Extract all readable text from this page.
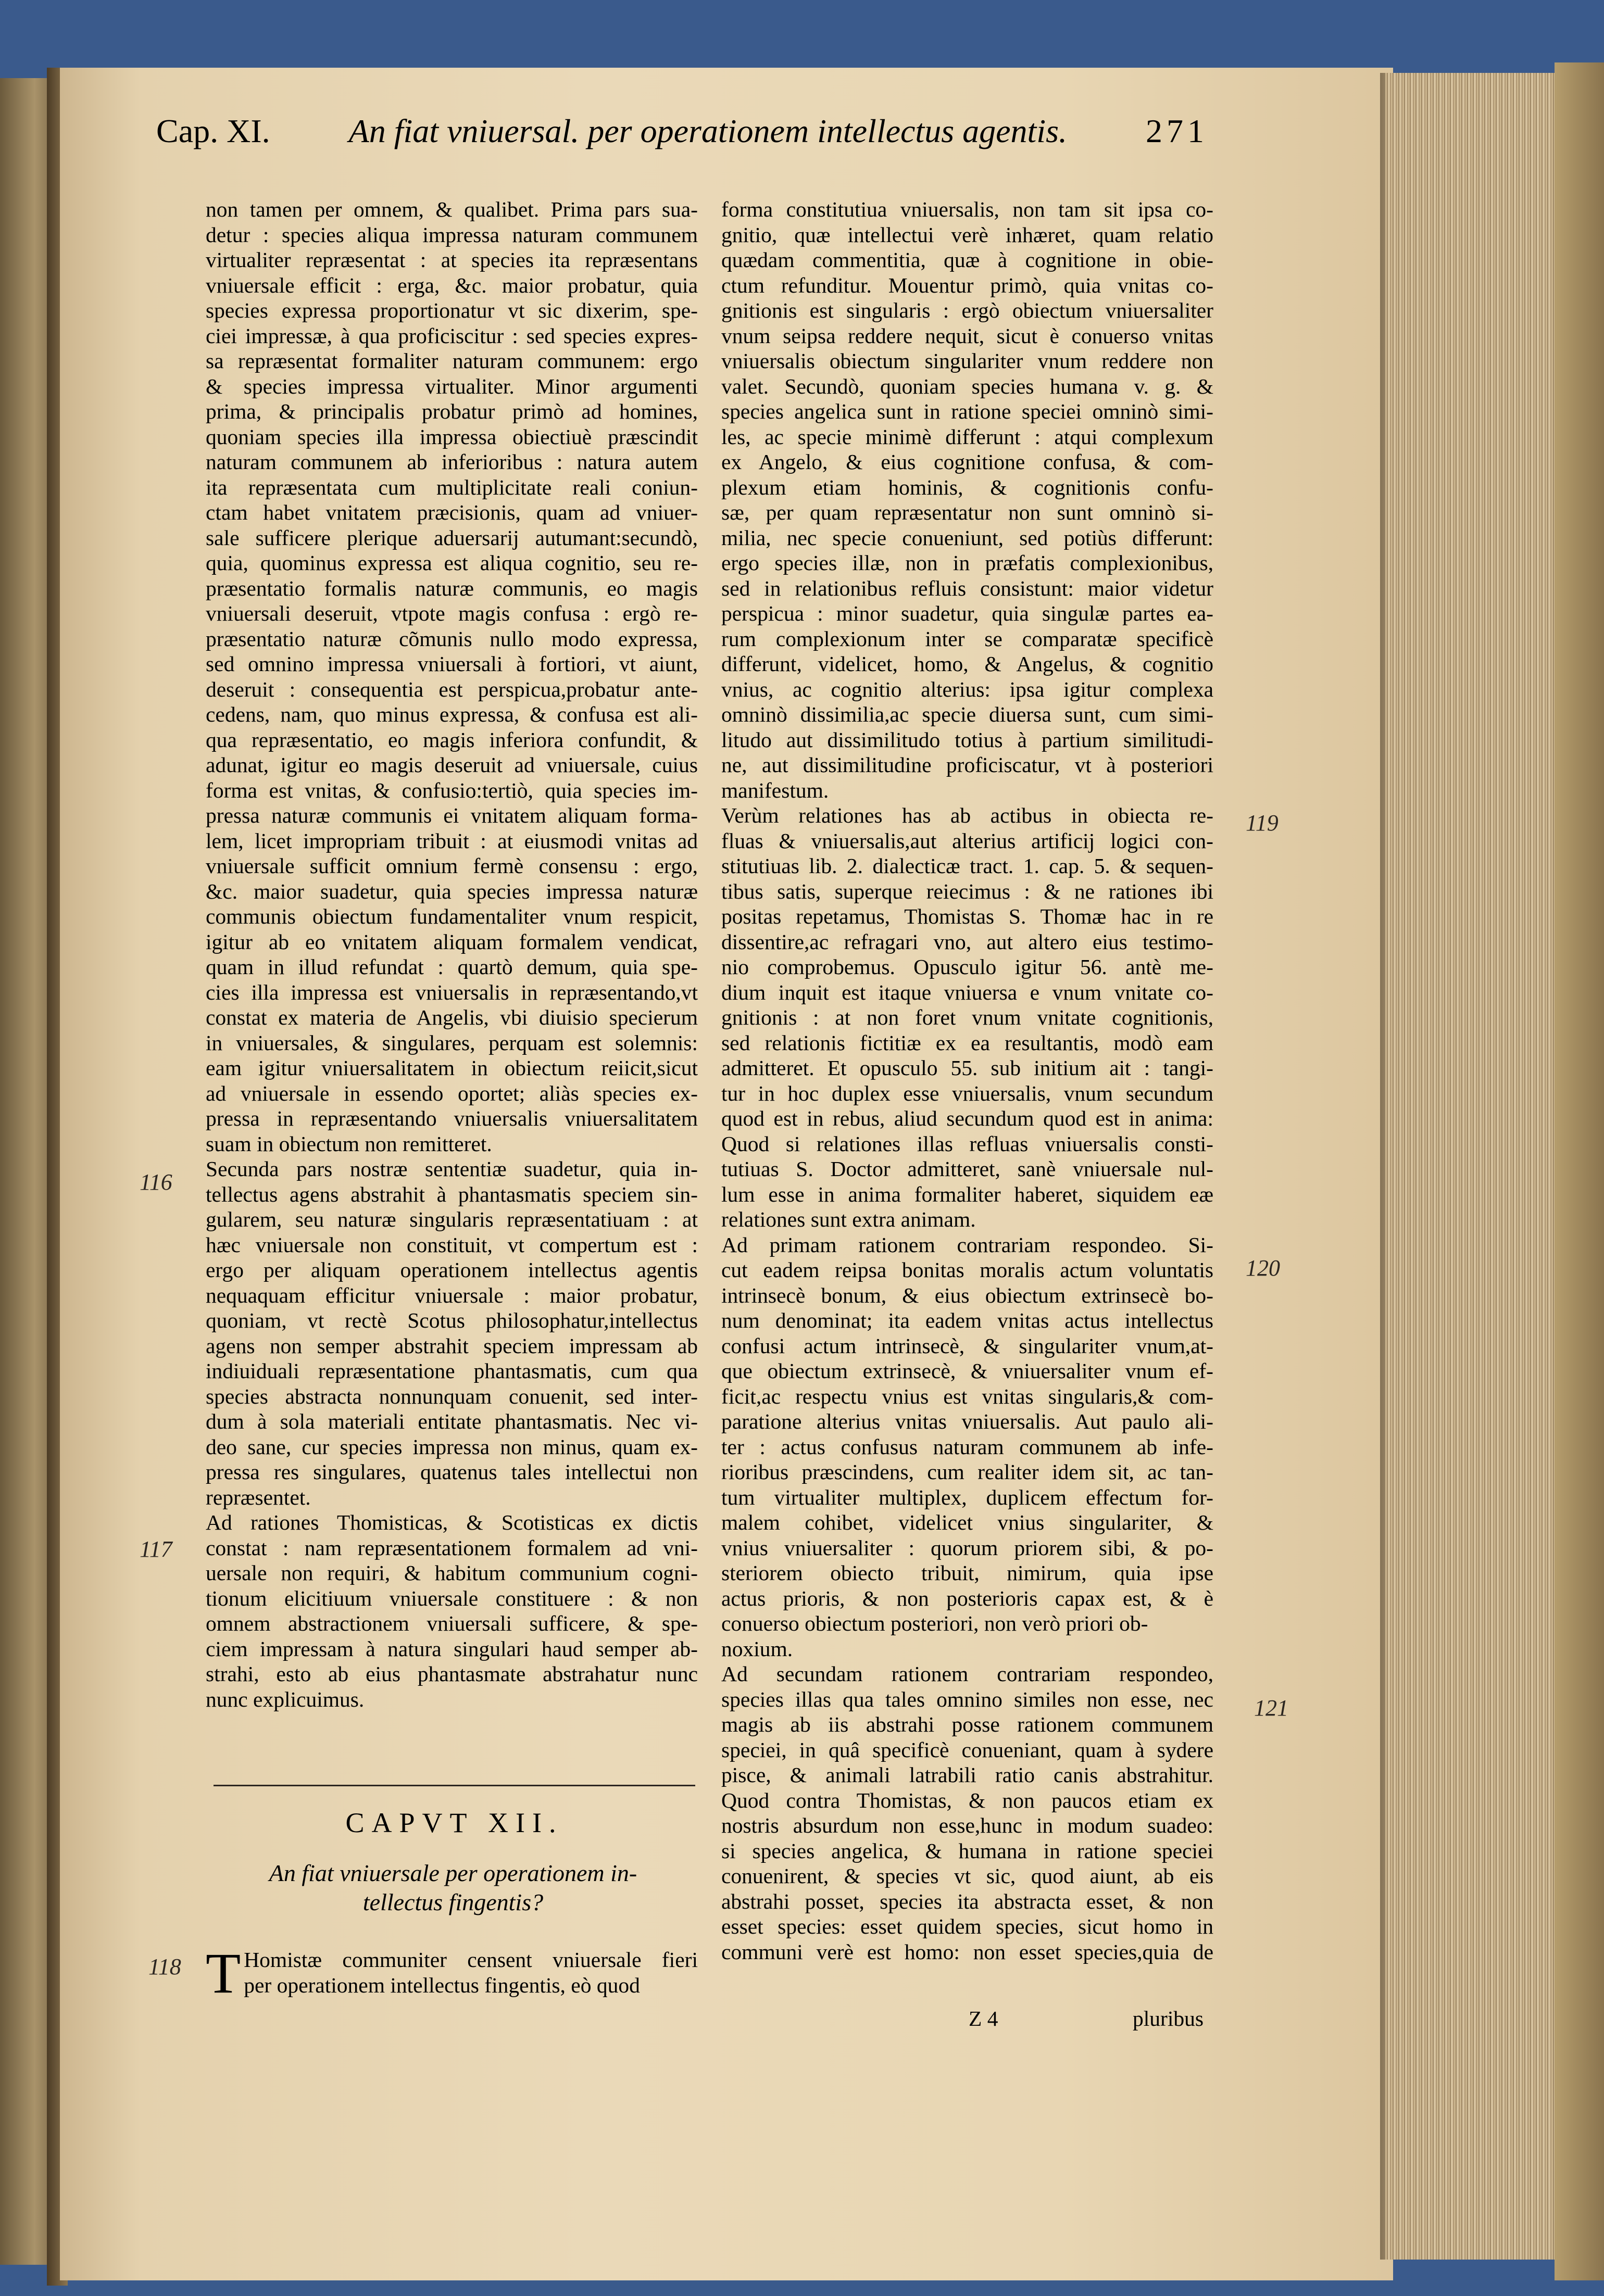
Cap. XI. An fiat vniuersal. per operationem intellectus agentis. 271
non tamen per omnem, & qualibet. Prima pars sua-
detur : species aliqua impressa naturam communem
virtualiter repræsentat : at species ita repræsentans
vniuersale efficit : erga, &c. maior probatur, quia
species expressa proportionatur vt sic dixerim, spe-
ciei impressæ, à qua proficiscitur : sed species expres-
sa repræsentat formaliter naturam communem: ergo
& species impressa virtualiter. Minor argumenti
prima, & principalis probatur primò ad homines,
quoniam species illa impressa obiectiuè præscindit
naturam communem ab inferioribus : natura autem
ita repræsentata cum multiplicitate reali coniun-
ctam habet vnitatem præcisionis, quam ad vniuer-
sale sufficere plerique aduersarij autumant:secundò,
quia, quominus expressa est aliqua cognitio, seu re-
præsentatio formalis naturæ communis, eo magis
vniuersali deseruit, vtpote magis confusa : ergò re-
præsentatio naturæ cõmunis nullo modo expressa,
sed omnino impressa vniuersali à fortiori, vt aiunt,
deseruit : consequentia est perspicua,probatur ante-
cedens, nam, quo minus expressa, & confusa est ali-
qua repræsentatio, eo magis inferiora confundit, &
adunat, igitur eo magis deseruit ad vniuersale, cuius
forma est vnitas, & confusio:tertiò, quia species im-
pressa naturæ communis ei vnitatem aliquam forma-
lem, licet impropriam tribuit : at eiusmodi vnitas ad
vniuersale sufficit omnium fermè consensu : ergo,
&c. maior suadetur, quia species impressa naturæ
communis obiectum fundamentaliter vnum respicit,
igitur ab eo vnitatem aliquam formalem vendicat,
quam in illud refundat : quartò demum, quia spe-
cies illa impressa est vniuersalis in repræsentando,vt
constat ex materia de Angelis, vbi diuisio specierum
in vniuersales, & singulares, perquam est solemnis:
eam igitur vniuersalitatem in obiectum reiicit,sicut
ad vniuersale in essendo oportet; aliàs species ex-
pressa in repræsentando vniuersalis vniuersalitatem
suam in obiectum non remitteret.
Secunda pars nostræ sententiæ suadetur, quia in-
tellectus agens abstrahit à phantasmatis speciem sin-
gularem, seu naturæ singularis repræsentatiuam : at
hæc vniuersale non constituit, vt compertum est :
ergo per aliquam operationem intellectus agentis
nequaquam efficitur vniuersale : maior probatur,
quoniam, vt rectè Scotus philosophatur,intellectus
agens non semper abstrahit speciem impressam ab
indiuiduali repræsentatione phantasmatis, cum qua
species abstracta nonnunquam conuenit, sed inter-
dum à sola materiali entitate phantasmatis. Nec vi-
deo sane, cur species impressa non minus, quam ex-
pressa res singulares, quatenus tales intellectui non
repræsentet.
Ad rationes Thomisticas, & Scotisticas ex dictis
constat : nam repræsentationem formalem ad vni-
uersale non requiri, & habitum communium cogni-
tionum elicitiuum vniuersale constituere : & non
omnem abstractionem vniuersali sufficere, & spe-
ciem impressam à natura singulari haud semper ab-
strahi, esto ab eius phantasmate abstrahatur nunc
nunc explicuimus.
forma constitutiua vniuersalis, non tam sit ipsa co-
gnitio, quæ intellectui verè inhæret, quam relatio
quædam commentitia, quæ à cognitione in obie-
ctum refunditur. Mouentur primò, quia vnitas co-
gnitionis est singularis : ergò obiectum vniuersaliter
vnum seipsa reddere nequit, sicut è conuerso vnitas
vniuersalis obiectum singulariter vnum reddere non
valet. Secundò, quoniam species humana v. g. &
species angelica sunt in ratione speciei omninò simi-
les, ac specie minimè differunt : atqui complexum
ex Angelo, & eius cognitione confusa, & com-
plexum etiam hominis, & cognitionis confu-
sæ, per quam repræsentatur non sunt omninò si-
milia, nec specie conueniunt, sed potiùs differunt:
ergo species illæ, non in præfatis complexionibus,
sed in relationibus refluis consistunt: maior videtur
perspicua : minor suadetur, quia singulæ partes ea-
rum complexionum inter se comparatæ specificè
differunt, videlicet, homo, & Angelus, & cognitio
vnius, ac cognitio alterius: ipsa igitur complexa
omninò dissimilia,ac specie diuersa sunt, cum simi-
litudo aut dissimilitudo totius à partium similitudi-
ne, aut dissimilitudine proficiscatur, vt à posteriori
manifestum.
Verùm relationes has ab actibus in obiecta re-
fluas & vniuersalis,aut alterius artificij logici con-
stitutiuas lib. 2. dialecticæ tract. 1. cap. 5. & sequen-
tibus satis, superque reiecimus : & ne rationes ibi
positas repetamus, Thomistas S. Thomæ hac in re
dissentire,ac refragari vno, aut altero eius testimo-
nio comprobemus. Opusculo igitur 56. antè me-
dium inquit est itaque vniuersa e vnum vnitate co-
gnitionis : at non foret vnum vnitate cognitionis,
sed relationis fictitiæ ex ea resultantis, modò eam
admitteret. Et opusculo 55. sub initium ait : tangi-
tur in hoc duplex esse vniuersalis, vnum secundum
quod est in rebus, aliud secundum quod est in anima:
Quod si relationes illas refluas vniuersalis consti-
tutiuas S. Doctor admitteret, sanè vniuersale nul-
lum esse in anima formaliter haberet, siquidem eæ
relationes sunt extra animam.
Ad primam rationem contrariam respondeo. Si-
cut eadem reipsa bonitas moralis actum voluntatis
intrinsecè bonum, & eius obiectum extrinsecè bo-
num denominat; ita eadem vnitas actus intellectus
confusi actum intrinsecè, & singulariter vnum,at-
que obiectum extrinsecè, & vniuersaliter vnum ef-
ficit,ac respectu vnius est vnitas singularis,& com-
paratione alterius vnitas vniuersalis. Aut paulo ali-
ter : actus confusus naturam communem ab infe-
rioribus præscindens, cum realiter idem sit, ac tan-
tum virtualiter multiplex, duplicem effectum for-
malem cohibet, videlicet vnius singulariter, &
vnius vniuersaliter : quorum priorem sibi, & po-
steriorem obiecto tribuit, nimirum, quia ipse
actus prioris, & non posterioris capax est, & è
conuerso obiectum posteriori, non verò priori ob-
noxium.
Ad secundam rationem contrariam respondeo,
species illas qua tales omnino similes non esse, nec
magis ab iis abstrahi posse rationem communem
speciei, in quâ specificè conueniant, quam à sydere
pisce, & animali latrabili ratio canis abstrahitur.
Quod contra Thomistas, & non paucos etiam ex
nostris absurdum non esse,hunc in modum suadeo:
si species angelica, & humana in ratione speciei
conuenirent, & species vt sic, quod aiunt, ab eis
abstrahi posset, species ita abstracta esset, & non
esset species: esset quidem species, sicut homo in
communi verè est homo: non esset species,quia de
116
117
118
119
120
121
CAPVT XII.
An fiat vniuersale per operationem in-
tellectus fingentis?
T Homistæ communiter censent vniuersale fieri
per operationem intellectus fingentis, eò quod
Z 4	pluribus
